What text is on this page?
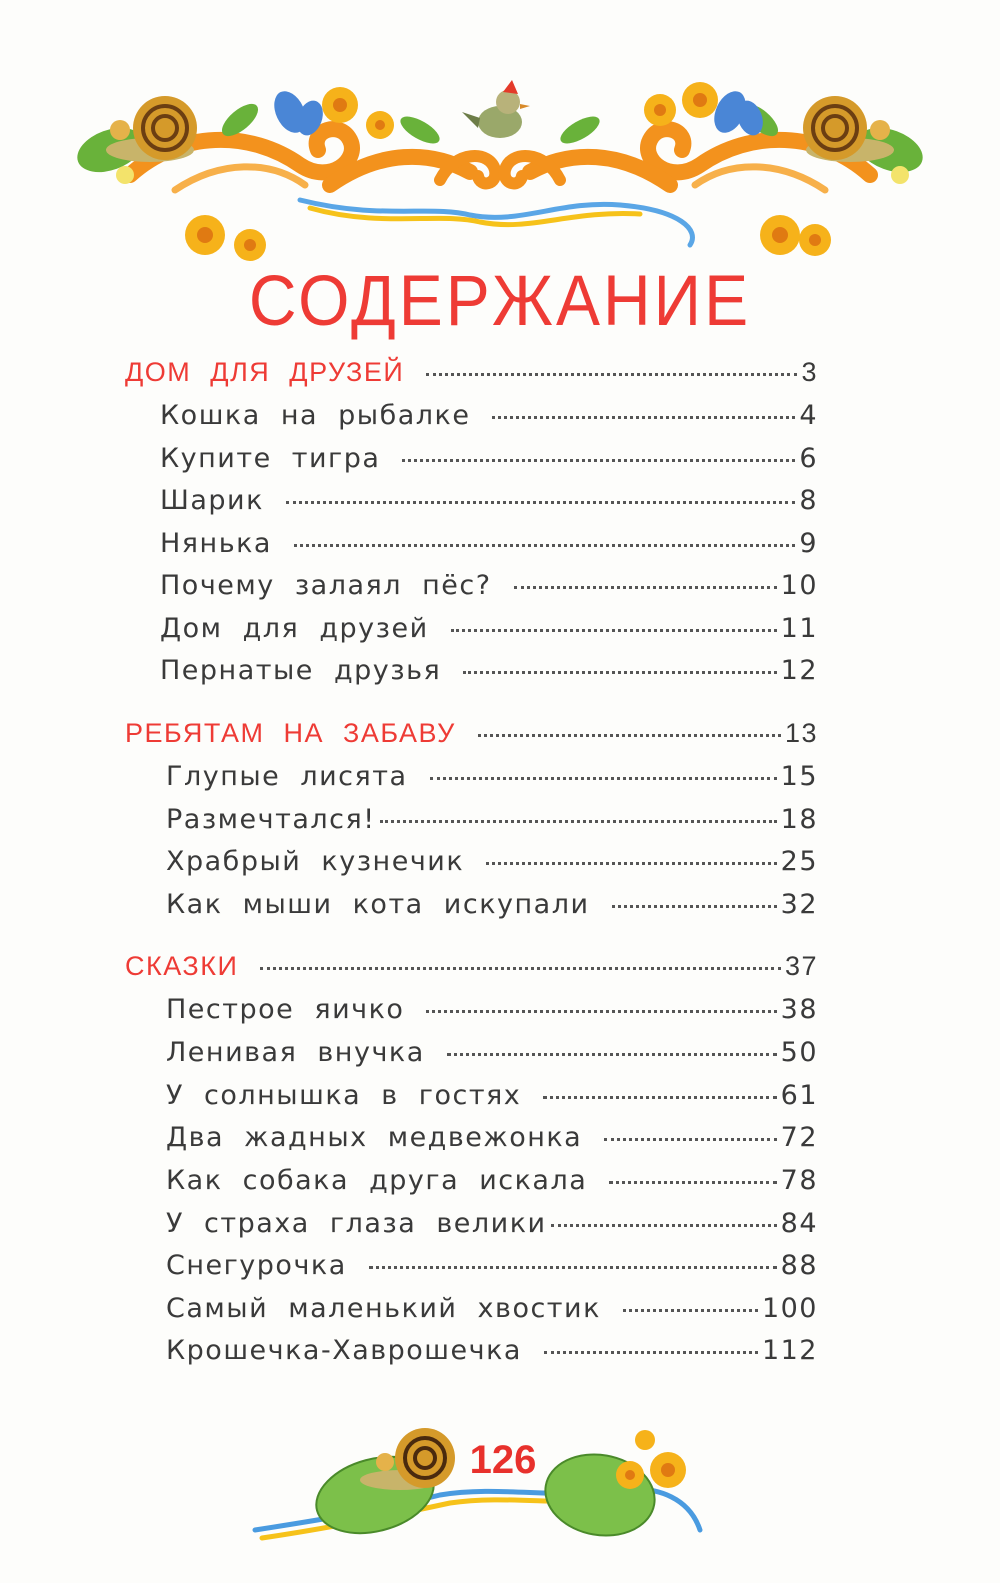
СОДЕРЖАНИЕ
ДОМ ДЛЯ ДРУЗЕЙ	3
Кошка на рыбалке	4
Купите тигра	6
Шарик	8
Нянька	9
Почему залаял пёс?	10
Дом для друзей	11
Пернатые друзья	12
РЕБЯТАМ НА ЗАБАВУ	13
Глупые лисята	15
Размечтался!	18
Храбрый кузнечик	25
Как мыши кота искупали	32
СКАЗКИ	37
Пестрое яичко	38
Ленивая внучка	50
У солнышка в гостях	61
Два жадных медвежонка	72
Как собака друга искала	78
У страха глаза велики	84
Снегурочка	88
Самый маленький хвостик	100
Крошечка-Хаврошечка	112
126
